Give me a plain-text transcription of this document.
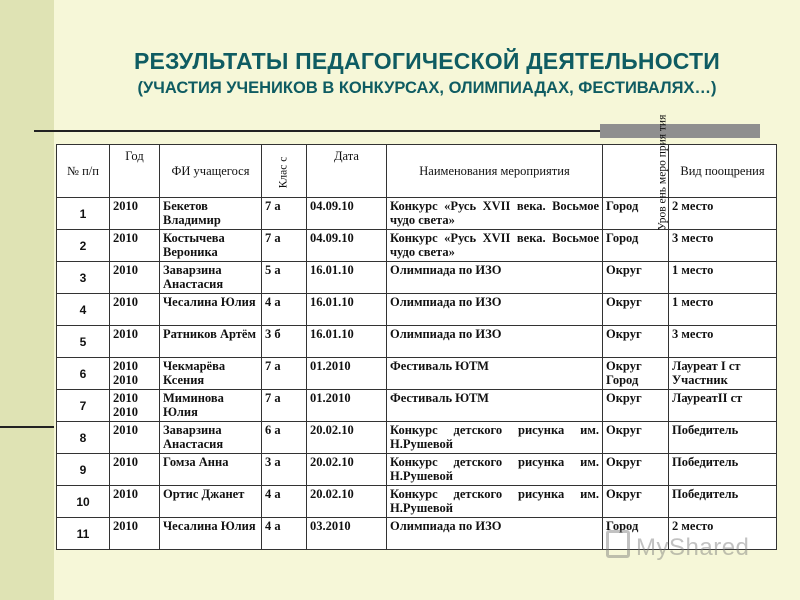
РЕЗУЛЬТАТЫ ПЕДАГОГИЧЕСКОЙ ДЕЯТЕЛЬНОСТИ
(УЧАСТИЯ УЧЕНИКОВ В КОНКУРСАХ, ОЛИМПИАДАХ, ФЕСТИВАЛЯХ…)
№ п/п	Год	ФИ учащегося	Клас с	Дата	Наименования мероприятия	Уров ень меро прия тия	Вид поощрения
1	2010	Бекетов Владимир	7 а	04.09.10	Конкурс «Русь XVII века. Восьмое чудо света»	Город	2 место
2	2010	Костычева Вероника	7 а	04.09.10	Конкурс «Русь XVII века. Восьмое чудо света»	Город	3 место
3	2010	Заварзина Анастасия	5 а	16.01.10	Олимпиада по ИЗО	Округ	1 место
4	2010	Чесалина Юлия	4 а	16.01.10	Олимпиада по ИЗО	Округ	1 место
5	2010	Ратников Артём	3 б	16.01.10	Олимпиада по ИЗО	Округ	3 место
6	2010 2010	Чекмарёва Ксения	7 а	01.2010	Фестиваль ЮТМ	Округ Город	Лауреат I ст Участник
7	2010 2010	Миминова Юлия	7 а	01.2010	Фестиваль ЮТМ	Округ	ЛауреатII ст
8	2010	Заварзина Анастасия	6 а	20.02.10	Конкурс детского рисунка им. Н.Рушевой	Округ	Победитель
9	2010	Гомза Анна	3 а	20.02.10	Конкурс детского рисунка им. Н.Рушевой	Округ	Победитель
10	2010	Ортис Джанет	4 а	20.02.10	Конкурс детского рисунка им. Н.Рушевой	Округ	Победитель
11	2010	Чесалина Юлия	4 а	03.2010	Олимпиада по ИЗО	Город	2 место
MyShared
